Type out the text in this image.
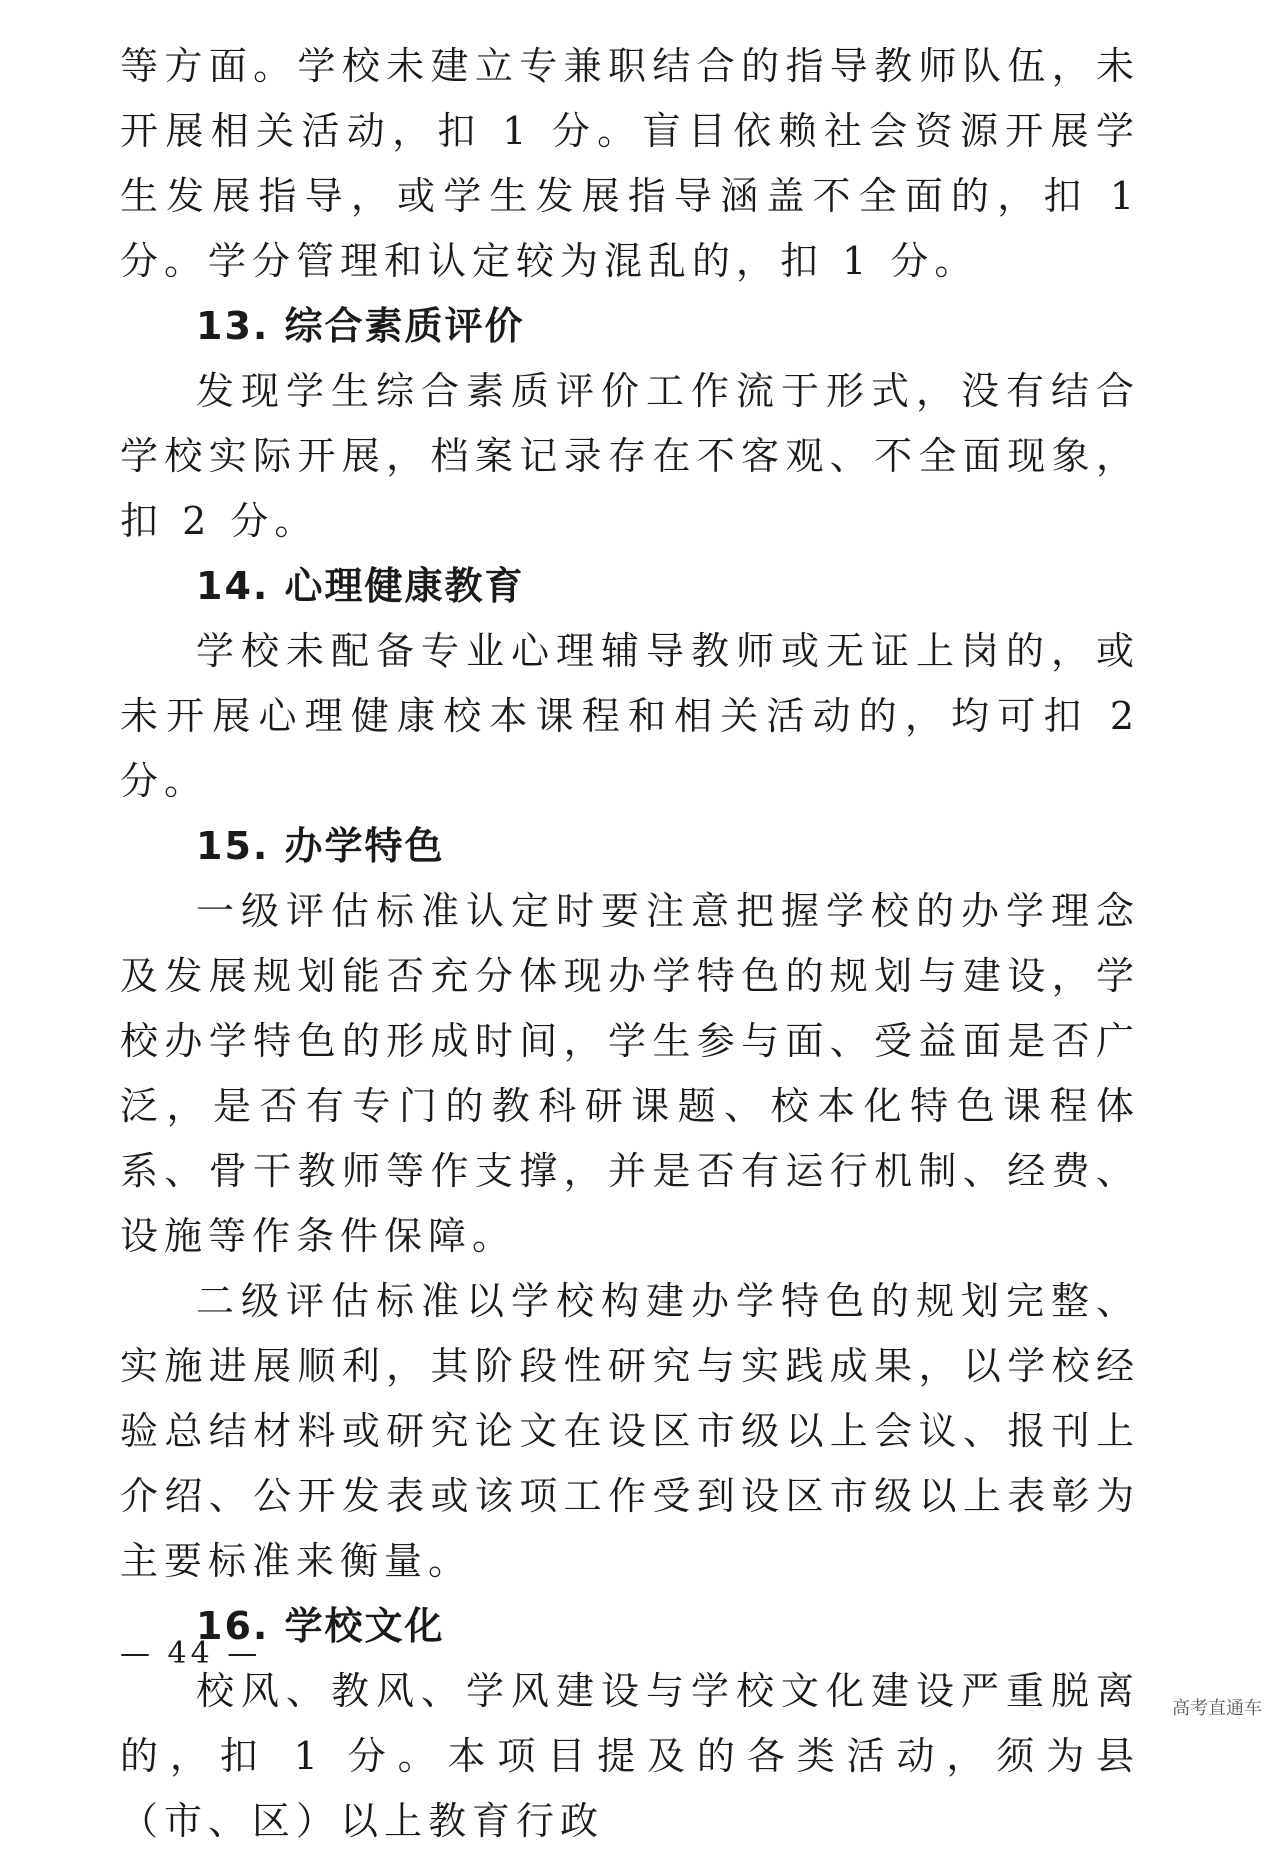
等方面。学校未建立专兼职结合的指导教师队伍，未开展相关活动，扣 1 分。盲目依赖社会资源开展学生发展指导，或学生发展指导涵盖不全面的，扣 1 分。学分管理和认定较为混乱的，扣 1 分。

13. 综合素质评价

发现学生综合素质评价工作流于形式，没有结合学校实际开展，档案记录存在不客观、不全面现象，扣 2 分。

14. 心理健康教育

学校未配备专业心理辅导教师或无证上岗的，或未开展心理健康校本课程和相关活动的，均可扣 2 分。

15. 办学特色

一级评估标准认定时要注意把握学校的办学理念及发展规划能否充分体现办学特色的规划与建设，学校办学特色的形成时间，学生参与面、受益面是否广泛，是否有专门的教科研课题、校本化特色课程体系、骨干教师等作支撑，并是否有运行机制、经费、设施等作条件保障。

二级评估标准以学校构建办学特色的规划完整、实施进展顺利，其阶段性研究与实践成果，以学校经验总结材料或研究论文在设区市级以上会议、报刊上介绍、公开发表或该项工作受到设区市级以上表彰为主要标准来衡量。

16. 学校文化

校风、教风、学风建设与学校文化建设严重脱离的，扣 1 分。本项目提及的各类活动，须为县（市、区）以上教育行政

— 44 —
高考直通车
